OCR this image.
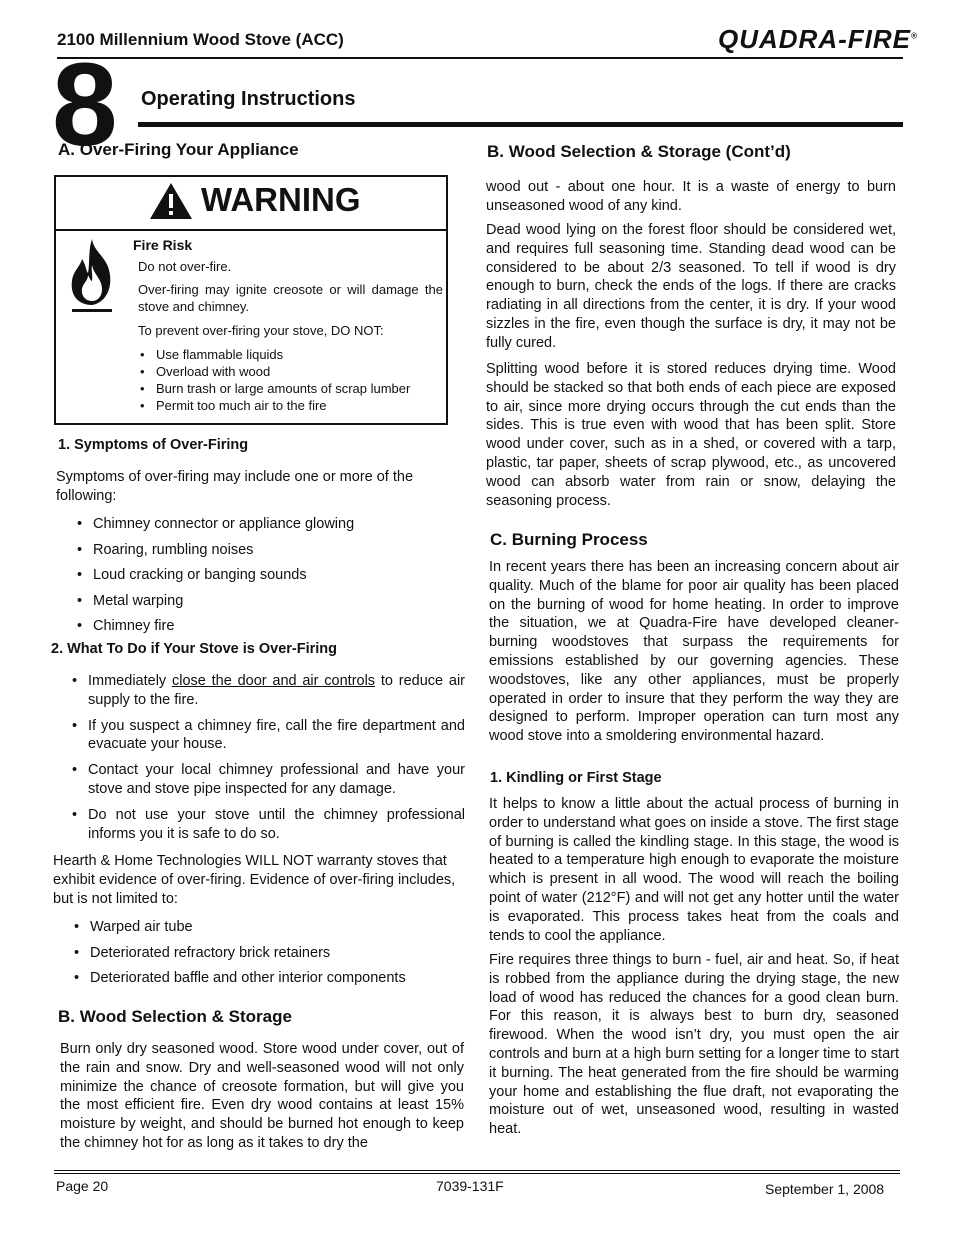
2100 Millennium Wood Stove (ACC)	QUADRA-FIRE®
8 Operating Instructions
A. Over-Firing Your Appliance
WARNING
Fire Risk
Do not over-fire.
Over-firing may ignite creosote or will damage the stove and chimney.
To prevent over-firing your stove, DO NOT:
• Use flammable liquids
• Overload with wood
• Burn trash or large amounts of scrap lumber
• Permit too much air to the fire
1. Symptoms of Over-Firing
Symptoms of over-firing may include one or more of the following:
• Chimney connector or appliance glowing
• Roaring, rumbling noises
• Loud cracking or banging sounds
• Metal warping
• Chimney fire
2. What To Do if Your Stove is Over-Firing
• Immediately close the door and air controls to reduce air supply to the fire.
• If you suspect a chimney fire, call the fire department and evacuate your house.
• Contact your local chimney professional and have your stove and stove pipe inspected for any damage.
• Do not use your stove until the chimney professional informs you it is safe to do so.
Hearth & Home Technologies WILL NOT warranty stoves that exhibit evidence of over-firing. Evidence of over-firing includes, but is not limited to:
• Warped air tube
• Deteriorated refractory brick retainers
• Deteriorated baffle and other interior components
B. Wood Selection & Storage
Burn only dry seasoned wood. Store wood under cover, out of the rain and snow. Dry and well-seasoned wood will not only minimize the chance of creosote formation, but will give you the most efficient fire. Even dry wood contains at least 15% moisture by weight, and should be burned hot enough to keep the chimney hot for as long as it takes to dry the
B. Wood Selection & Storage (Cont’d)
wood out - about one hour. It is a waste of energy to burn unseasoned wood of any kind.
Dead wood lying on the forest floor should be considered wet, and requires full seasoning time. Standing dead wood can be considered to be about 2/3 seasoned. To tell if wood is dry enough to burn, check the ends of the logs. If there are cracks radiating in all directions from the center, it is dry. If your wood sizzles in the fire, even though the surface is dry, it may not be fully cured.
Splitting wood before it is stored reduces drying time. Wood should be stacked so that both ends of each piece are exposed to air, since more drying occurs through the cut ends than the sides. This is true even with wood that has been split. Store wood under cover, such as in a shed, or covered with a tarp, plastic, tar paper, sheets of scrap plywood, etc., as uncovered wood can absorb water from rain or snow, delaying the seasoning process.
C. Burning Process
In recent years there has been an increasing concern about air quality. Much of the blame for poor air quality has been placed on the burning of wood for home heating. In order to improve the situation, we at Quadra-Fire have developed cleaner-burning woodstoves that surpass the requirements for emissions established by our governing agencies. These woodstoves, like any other appliances, must be properly operated in order to insure that they perform the way they are designed to perform. Improper operation can turn most any wood stove into a smoldering environmental hazard.
1. Kindling or First Stage
It helps to know a little about the actual process of burning in order to understand what goes on inside a stove. The first stage of burning is called the kindling stage. In this stage, the wood is heated to a temperature high enough to evaporate the moisture which is present in all wood. The wood will reach the boiling point of water (212°F) and will not get any hotter until the water is evaporated. This process takes heat from the coals and tends to cool the appliance.
Fire requires three things to burn - fuel, air and heat. So, if heat is robbed from the appliance during the drying stage, the new load of wood has reduced the chances for a good clean burn. For this reason, it is always best to burn dry, seasoned firewood. When the wood isn’t dry, you must open the air controls and burn at a high burn setting for a longer time to start it burning. The heat generated from the fire should be warming your home and establishing the flue draft, not evaporating the moisture out of wet, unseasoned wood, resulting in wasted heat.
Page 20	7039-131F	September 1, 2008
